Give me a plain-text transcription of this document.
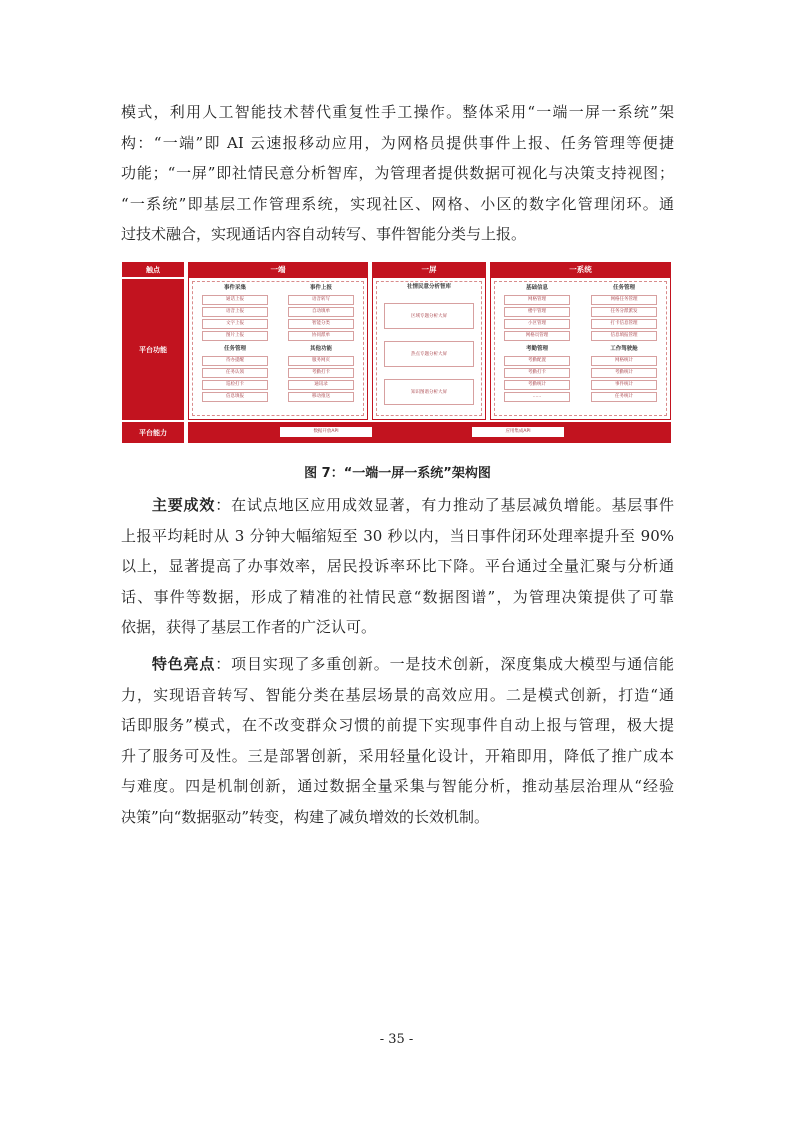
模式，利用人工智能技术替代重复性手工操作。整体采用“一端一屏一系统”架
构：“一端”即 AI 云速报移动应用，为网格员提供事件上报、任务管理等便捷
功能；“一屏”即社情民意分析智库，为管理者提供数据可视化与决策支持视图；
“一系统”即基层工作管理系统，实现社区、网格、小区的数字化管理闭环。通
过技术融合，实现通话内容自动转写、事件智能分类与上报。
触点
平台功能
平台能力
一端
事件采集
通话上报
语音上报
文字上报
图片上报
任务管理
待办提醒
任务认领
巡检打卡
信息填报
事件上报
语音转写
自动填单
智能分类
协同派单
其他功能
服务网页
考勤打卡
通讯录
移动推送
一屏
社情民意分析智库
区域专题分析大屏
热点专题分析大屏
知识图谱分析大屏
一系统
基础信息
网格管理
楼宇管理
小区管理
网格员管理
考勤管理
考勤配置
考勤打卡
考勤统计
......
任务管理
网格任务管理
任务分派派发
打卡信息管理
信息填报管理
工作驾驶舱
网格统计
考勤统计
事件统计
任务统计
数据开放API	应用集成API
图 7：“一端一屏一系统”架构图
主要成效：在试点地区应用成效显著，有力推动了基层减负增能。基层事件
上报平均耗时从 3 分钟大幅缩短至 30 秒以内，当日事件闭环处理率提升至 90%
以上，显著提高了办事效率，居民投诉率环比下降。平台通过全量汇聚与分析通
话、事件等数据，形成了精准的社情民意“数据图谱”，为管理决策提供了可靠
依据，获得了基层工作者的广泛认可。
特色亮点：项目实现了多重创新。一是技术创新，深度集成大模型与通信能
力，实现语音转写、智能分类在基层场景的高效应用。二是模式创新，打造“通
话即服务”模式，在不改变群众习惯的前提下实现事件自动上报与管理，极大提
升了服务可及性。三是部署创新，采用轻量化设计，开箱即用，降低了推广成本
与难度。四是机制创新，通过数据全量采集与智能分析，推动基层治理从“经验
决策”向“数据驱动”转变，构建了减负增效的长效机制。
- 35 -
